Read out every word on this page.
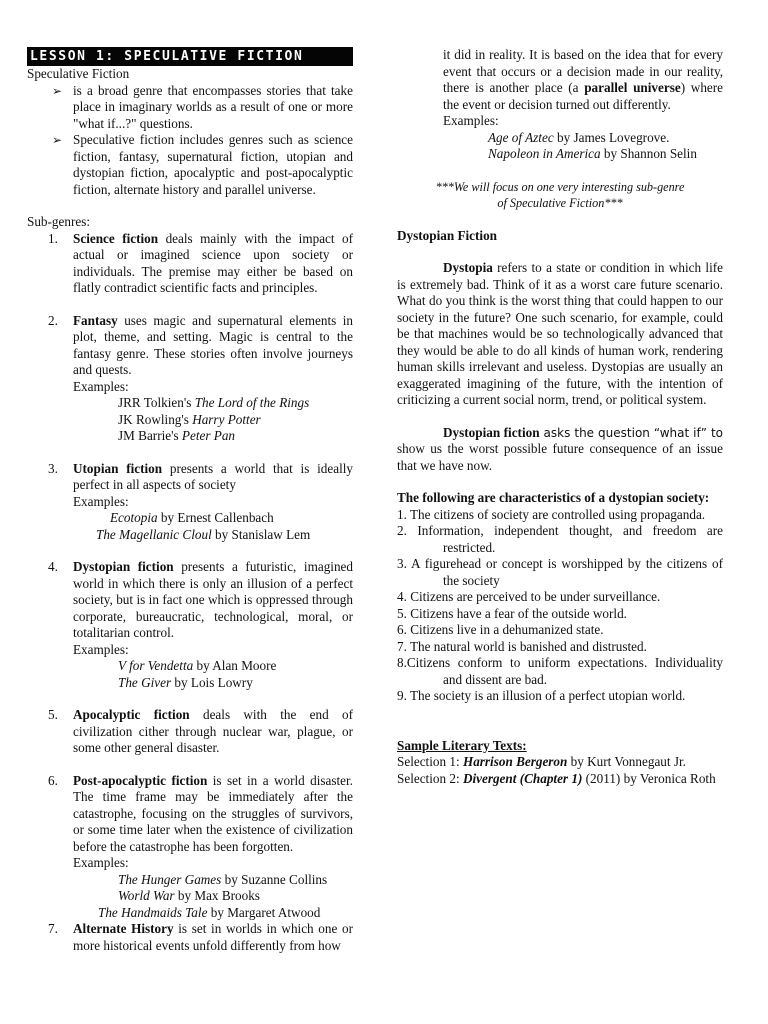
LESSON 1: SPECULATIVE FICTION

Speculative Fiction

➢ is a broad genre that encompasses stories that take place in imaginary worlds as a result of one or more "what if...?" questions.
➢ Speculative fiction includes genres such as science fiction, fantasy, supernatural fiction, utopian and dystopian fiction, apocalyptic and post-apocalyptic fiction, alternate history and parallel universe.

Sub-genres:

1. Science fiction deals mainly with the impact of actual or imagined science upon society or individuals. The premise may either be based on flatly contradict scientific facts and principles.
2. Fantasy uses magic and supernatural elements in plot, theme, and setting. Magic is central to the fantasy genre. These stories often involve journeys and quests.

Examples:

JRR Tolkien's The Lord of the Rings

JK Rowling's Harry Potter

JM Barrie's Peter Pan

3. Utopian fiction presents a world that is ideally perfect in all aspects of society

Examples:

Ecotopia by Ernest Callenbach

The Magellanic Cloul by Stanislaw Lem

4. Dystopian fiction presents a futuristic, imagined world in which there is only an illusion of a perfect society, but is in fact one which is oppressed through corporate, bureaucratic, technological, moral, or totalitarian control.

Examples:

V for Vendetta by Alan Moore

The Giver by Lois Lowry

5. Apocalyptic fiction deals with the end of civilization cither through nuclear war, plague, or some other general disaster.
6. Post-apocalyptic fiction is set in a world disaster. The time frame may be immediately after the catastrophe, focusing on the struggles of survivors, or some time later when the existence of civilization before the catastrophe has been forgotten.

Examples:

The Hunger Games by Suzanne Collins

World War by Max Brooks

The Handmaids Tale by Margaret Atwood

7. Alternate History is set in worlds in which one or more historical events unfold differently from how

it did in reality. It is based on the idea that for every event that occurs or a decision made in our reality, there is another place (a parallel universe) where the event or decision turned out differently.

Examples:

Age of Aztec by James Lovegrove.

Napoleon in America by Shannon Selin

***We will focus on one very interesting sub-genre

of Speculative Fiction***

Dystopian Fiction

Dystopia refers to a state or condition in which life is extremely bad. Think of it as a worst care future scenario. What do you think is the worst thing that could happen to our society in the future? One such scenario, for example, could be that machines would be so technologically advanced that they would be able to do all kinds of human work, rendering human skills irrelevant and useless. Dystopias are usually an exaggerated imagining of the future, with the intention of criticizing a current social norm, trend, or political system.

Dystopian fiction asks the question “what if” to show us the worst possible future consequence of an issue that we have now.

The following are characteristics of a dystopian society:

1. The citizens of society are controlled using propaganda.

2. Information, independent thought, and freedom are restricted.

3. A figurehead or concept is worshipped by the citizens of the society

4. Citizens are perceived to be under surveillance.

5. Citizens have a fear of the outside world.

6. Citizens live in a dehumanized state.

7. The natural world is banished and distrusted.

8.Citizens conform to uniform expectations. Individuality and dissent are bad.

9. The society is an illusion of a perfect utopian world.

Sample Literary Texts:

Selection 1: Harrison Bergeron by Kurt Vonnegaut Jr.

Selection 2: Divergent (Chapter 1) (2011) by Veronica Roth
